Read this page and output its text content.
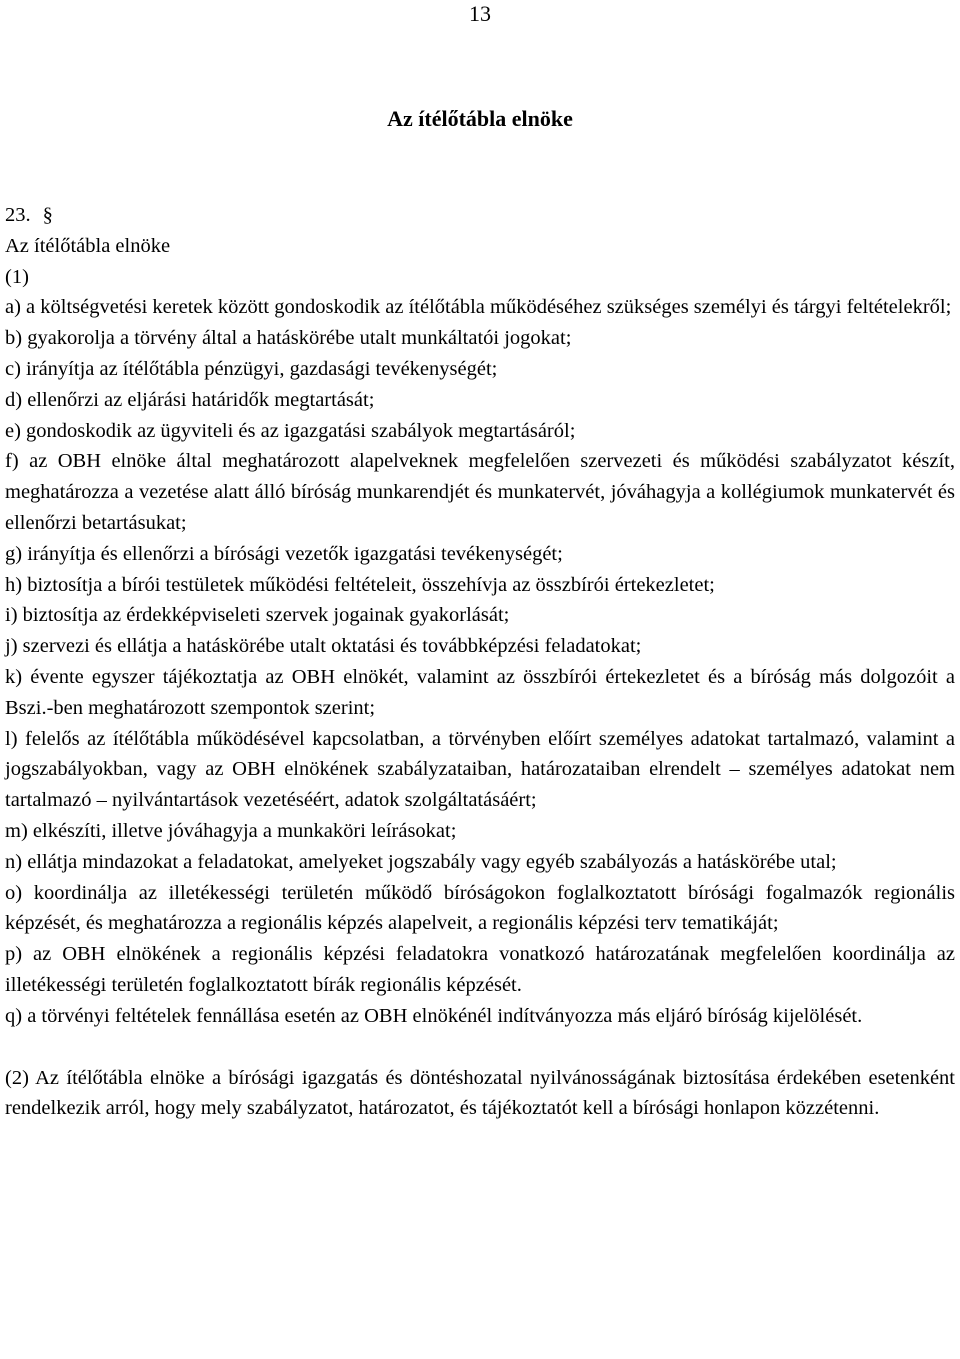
13
Az ítélőtábla elnöke

23. §

Az ítélőtábla elnöke

(1)

a) a költségvetési keretek között gondoskodik az ítélőtábla működéséhez szükséges személyi és tárgyi feltételekről;

b) gyakorolja a törvény által a hatáskörébe utalt munkáltatói jogokat;

c) irányítja az ítélőtábla pénzügyi, gazdasági tevékenységét;

d) ellenőrzi az eljárási határidők megtartását;

e) gondoskodik az ügyviteli és az igazgatási szabályok megtartásáról;

f) az OBH elnöke által meghatározott alapelveknek megfelelően szervezeti és működési szabályzatot készít, meghatározza a vezetése alatt álló bíróság munkarendjét és munkatervét, jóváhagyja a kollégiumok munkatervét és ellenőrzi betartásukat;

g) irányítja és ellenőrzi a bírósági vezetők igazgatási tevékenységét;

h) biztosítja a bírói testületek működési feltételeit, összehívja az összbírói értekezletet;

i) biztosítja az érdekképviseleti szervek jogainak gyakorlását;

j) szervezi és ellátja a hatáskörébe utalt oktatási és továbbképzési feladatokat;

k) évente egyszer tájékoztatja az OBH elnökét, valamint az összbírói értekezletet és a bíróság más dolgozóit a Bszi.-ben meghatározott szempontok szerint;

l) felelős az ítélőtábla működésével kapcsolatban, a törvényben előírt személyes adatokat tartalmazó, valamint a jogszabályokban, vagy az OBH elnökének szabályzataiban, határozataiban elrendelt – személyes adatokat nem tartalmazó – nyilvántartások vezetéséért, adatok szolgáltatásáért;

m) elkészíti, illetve jóváhagyja a munkaköri leírásokat;

n) ellátja mindazokat a feladatokat, amelyeket jogszabály vagy egyéb szabályozás a hatáskörébe utal;

o) koordinálja az illetékességi területén működő bíróságokon foglalkoztatott bírósági fogalmazók regionális képzését, és meghatározza a regionális képzés alapelveit, a regionális képzési terv tematikáját;

p) az OBH elnökének a regionális képzési feladatokra vonatkozó határozatának megfelelően koordinálja az illetékességi területén foglalkoztatott bírák regionális képzését.

q) a törvényi feltételek fennállása esetén az OBH elnökénél indítványozza más eljáró bíróság kijelölését.

(2) Az ítélőtábla elnöke a bírósági igazgatás és döntéshozatal nyilvánosságának biztosítása érdekében esetenként rendelkezik arról, hogy mely szabályzatot, határozatot, és tájékoztatót kell a bírósági honlapon közzétenni.
